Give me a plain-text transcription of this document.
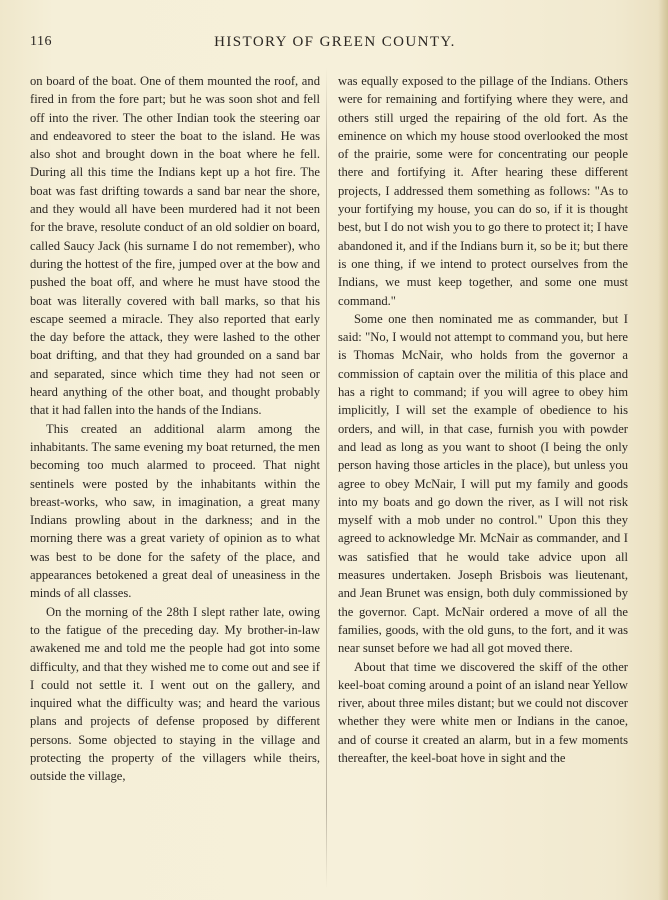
116	HISTORY OF GREEN COUNTY.

on board of the boat. One of them mounted the roof, and fired in from the fore part; but he was soon shot and fell off into the river. The other Indian took the steering oar and endeavored to steer the boat to the island. He was also shot and brought down in the boat where he fell. During all this time the Indians kept up a hot fire. The boat was fast drifting towards a sand bar near the shore, and they would all have been murdered had it not been for the brave, resolute conduct of an old soldier on board, called Saucy Jack (his surname I do not remember), who during the hottest of the fire, jumped over at the bow and pushed the boat off, and where he must have stood the boat was literally covered with ball marks, so that his escape seemed a miracle. They also reported that early the day before the attack, they were lashed to the other boat drifting, and that they had grounded on a sand bar and separated, since which time they had not seen or heard anything of the other boat, and thought probably that it had fallen into the hands of the Indians.

This created an additional alarm among the inhabitants. The same evening my boat returned, the men becoming too much alarmed to proceed. That night sentinels were posted by the inhabitants within the breast-works, who saw, in imagination, a great many Indians prowling about in the darkness; and in the morning there was a great variety of opinion as to what was best to be done for the safety of the place, and appearances betokened a great deal of uneasiness in the minds of all classes.

On the morning of the 28th I slept rather late, owing to the fatigue of the preceding day. My brother-in-law awakened me and told me the people had got into some difficulty, and that they wished me to come out and see if I could not settle it. I went out on the gallery, and inquired what the difficulty was; and heard the various plans and projects of defense proposed by different persons. Some objected to staying in the village and protecting the property of the villagers while theirs, outside the village,

was equally exposed to the pillage of the Indians. Others were for remaining and fortifying where they were, and others still urged the repairing of the old fort. As the eminence on which my house stood overlooked the most of the prairie, some were for concentrating our people there and fortifying it. After hearing these different projects, I addressed them something as follows: "As to your fortifying my house, you can do so, if it is thought best, but I do not wish you to go there to protect it; I have abandoned it, and if the Indians burn it, so be it; but there is one thing, if we intend to protect ourselves from the Indians, we must keep together, and some one must command."

Some one then nominated me as commander, but I said: "No, I would not attempt to command you, but here is Thomas McNair, who holds from the governor a commission of captain over the militia of this place and has a right to command; if you will agree to obey him implicitly, I will set the example of obedience to his orders, and will, in that case, furnish you with powder and lead as long as you want to shoot (I being the only person having those articles in the place), but unless you agree to obey McNair, I will put my family and goods into my boats and go down the river, as I will not risk myself with a mob under no control." Upon this they agreed to acknowledge Mr. McNair as commander, and I was satisfied that he would take advice upon all measures undertaken. Joseph Brisbois was lieutenant, and Jean Brunet was ensign, both duly commissioned by the governor. Capt. McNair ordered a move of all the families, goods, with the old guns, to the fort, and it was near sunset before we had all got moved there.

About that time we discovered the skiff of the other keel-boat coming around a point of an island near Yellow river, about three miles distant; but we could not discover whether they were white men or Indians in the canoe, and of course it created an alarm, but in a few moments thereafter, the keel-boat hove in sight and the
